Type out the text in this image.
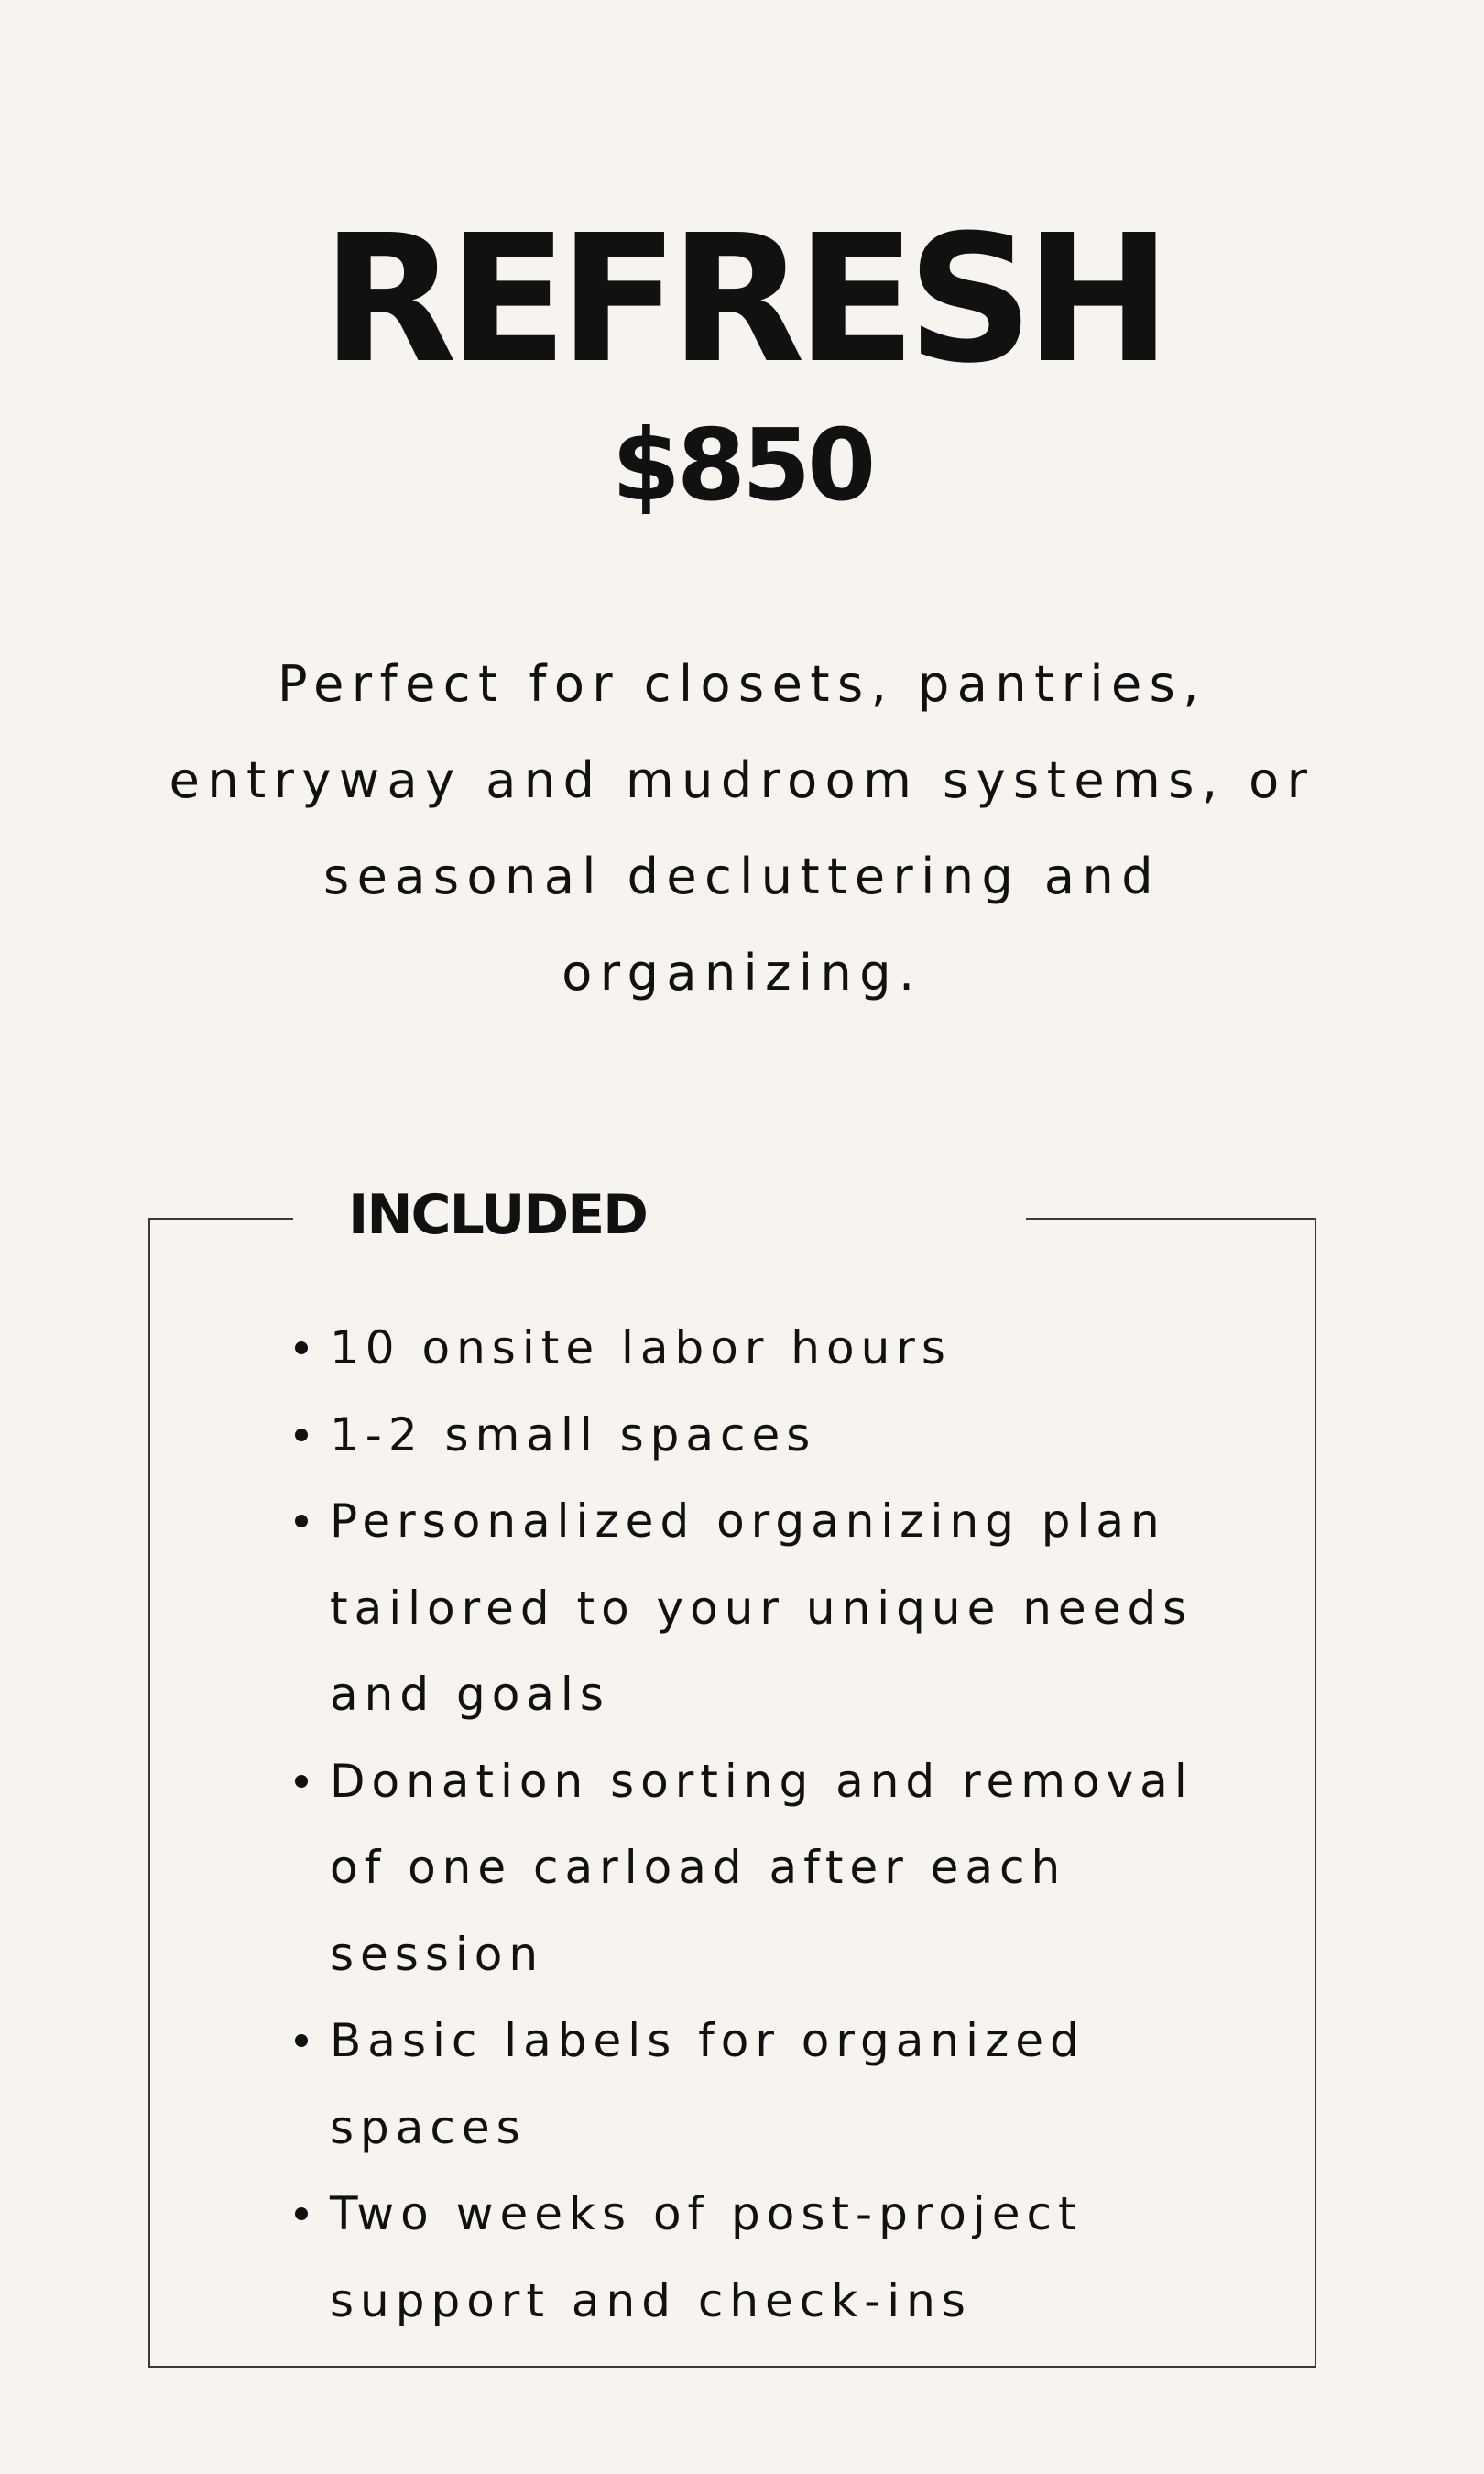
REFRESH
$850

Perfect for closets, pantries, entryway and mudroom systems, or seasonal decluttering and organizing.

INCLUDED
10 onsite labor hours
1-2 small spaces
Personalized organizing plan tailored to your unique needs and goals
Donation sorting and removal of one carload after each session
Basic labels for organized spaces
Two weeks of post-project support and check-ins
